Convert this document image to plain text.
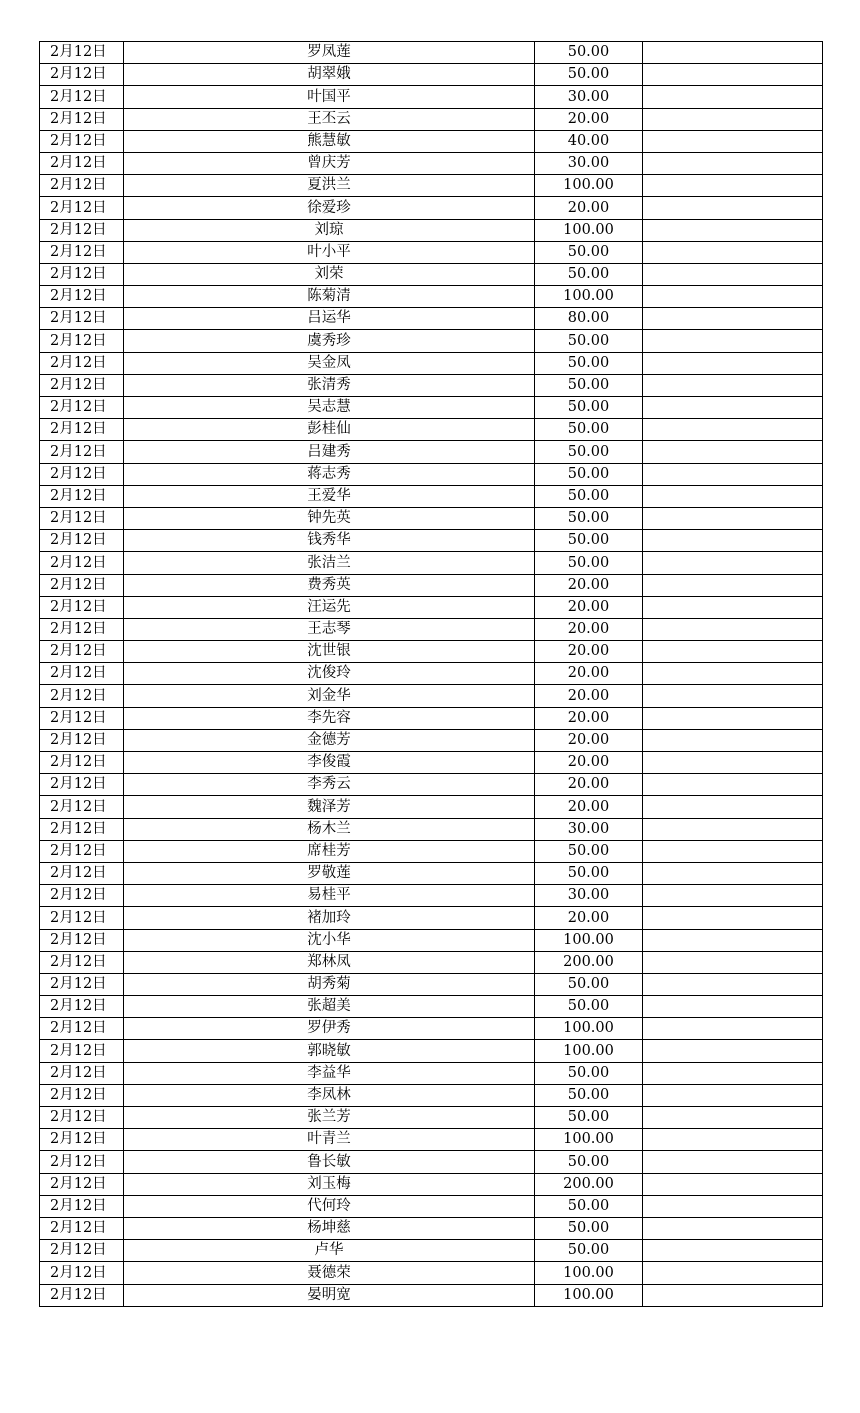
2月12日	罗凤莲	50.00	
2月12日	胡翠娥	50.00	
2月12日	叶国平	30.00	
2月12日	王丕云	20.00	
2月12日	熊慧敏	40.00	
2月12日	曾庆芳	30.00	
2月12日	夏洪兰	100.00	
2月12日	徐爱珍	20.00	
2月12日	刘琼	100.00	
2月12日	叶小平	50.00	
2月12日	刘荣	50.00	
2月12日	陈菊清	100.00	
2月12日	吕运华	80.00	
2月12日	虞秀珍	50.00	
2月12日	吴金凤	50.00	
2月12日	张清秀	50.00	
2月12日	吴志慧	50.00	
2月12日	彭桂仙	50.00	
2月12日	吕建秀	50.00	
2月12日	蒋志秀	50.00	
2月12日	王爱华	50.00	
2月12日	钟先英	50.00	
2月12日	钱秀华	50.00	
2月12日	张洁兰	50.00	
2月12日	费秀英	20.00	
2月12日	汪运先	20.00	
2月12日	王志琴	20.00	
2月12日	沈世银	20.00	
2月12日	沈俊玲	20.00	
2月12日	刘金华	20.00	
2月12日	李先容	20.00	
2月12日	金德芳	20.00	
2月12日	李俊霞	20.00	
2月12日	李秀云	20.00	
2月12日	魏泽芳	20.00	
2月12日	杨木兰	30.00	
2月12日	席桂芳	50.00	
2月12日	罗敬莲	50.00	
2月12日	易桂平	30.00	
2月12日	褚加玲	20.00	
2月12日	沈小华	100.00	
2月12日	郑林凤	200.00	
2月12日	胡秀菊	50.00	
2月12日	张超美	50.00	
2月12日	罗伊秀	100.00	
2月12日	郭晓敏	100.00	
2月12日	李益华	50.00	
2月12日	李凤林	50.00	
2月12日	张兰芳	50.00	
2月12日	叶青兰	100.00	
2月12日	鲁长敏	50.00	
2月12日	刘玉梅	200.00	
2月12日	代何玲	50.00	
2月12日	杨坤慈	50.00	
2月12日	卢华	50.00	
2月12日	聂德荣	100.00	
2月12日	晏明宽	100.00	
